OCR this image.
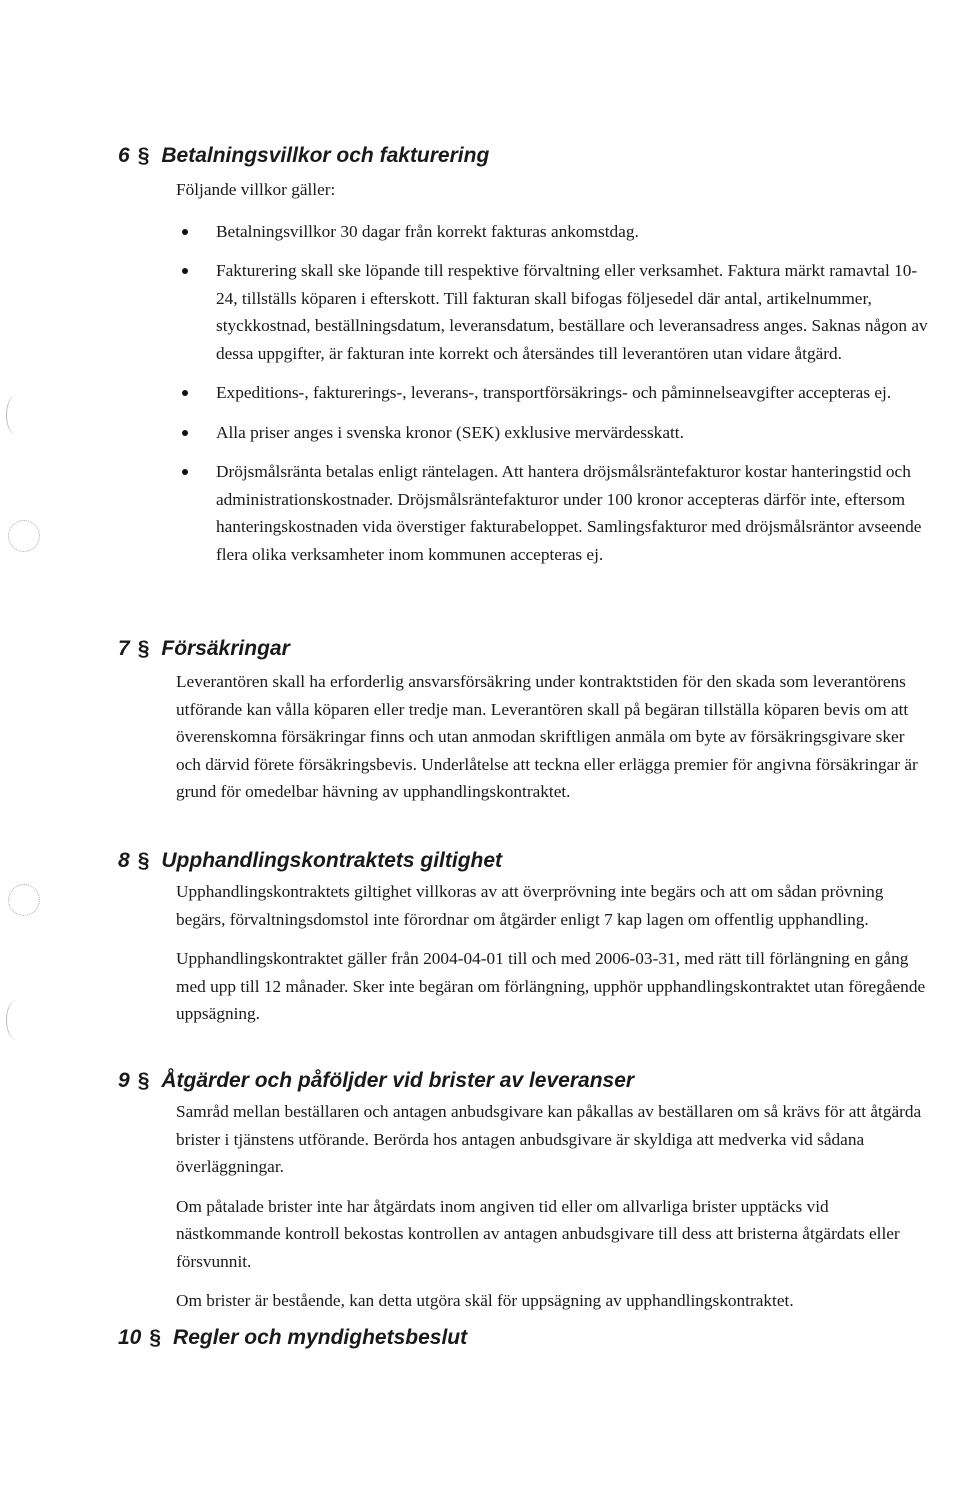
6 § Betalningsvillkor och fakturering

Följande villkor gäller:

Betalningsvillkor 30 dagar från korrekt fakturas ankomstdag.
Fakturering skall ske löpande till respektive förvaltning eller verksamhet. Faktura märkt ramavtal 10-24, tillställs köparen i efterskott. Till fakturan skall bifogas följesedel där antal, artikelnummer, styckkostnad, beställningsdatum, leveransdatum, beställare och leveransadress anges. Saknas någon av dessa uppgifter, är fakturan inte korrekt och återsändes till leverantören utan vidare åtgärd.
Expeditions-, fakturerings-, leverans-, transportförsäkrings- och påminnelseavgifter accepteras ej.
Alla priser anges i svenska kronor (SEK) exklusive mervärdesskatt.
Dröjsmålsränta betalas enligt räntelagen. Att hantera dröjsmålsräntefakturor kostar hanteringstid och administrationskostnader. Dröjsmålsräntefakturor under 100 kronor accepteras därför inte, eftersom hanteringskostnaden vida överstiger fakturabeloppet. Samlingsfakturor med dröjsmålsräntor avseende flera olika verksamheter inom kommunen accepteras ej.
7 § Försäkringar

Leverantören skall ha erforderlig ansvarsförsäkring under kontraktstiden för den skada som leverantörens utförande kan vålla köparen eller tredje man. Leverantören skall på begäran tillställa köparen bevis om att överenskomna försäkringar finns och utan anmodan skriftligen anmäla om byte av försäkringsgivare sker och därvid förete försäkringsbevis. Underlåtelse att teckna eller erlägga premier för angivna försäkringar är grund för omedelbar hävning av upphandlingskontraktet.

8 § Upphandlingskontraktets giltighet

Upphandlingskontraktets giltighet villkoras av att överprövning inte begärs och att om sådan prövning begärs, förvaltningsdomstol inte förordnar om åtgärder enligt 7 kap lagen om offentlig upphandling.

Upphandlingskontraktet gäller från 2004-04-01 till och med 2006-03-31, med rätt till förlängning en gång med upp till 12 månader. Sker inte begäran om förlängning, upphör upphandlingskontraktet utan föregående uppsägning.

9 § Åtgärder och påföljder vid brister av leveranser

Samråd mellan beställaren och antagen anbudsgivare kan påkallas av beställaren om så krävs för att åtgärda brister i tjänstens utförande. Berörda hos antagen anbudsgivare är skyldiga att medverka vid sådana överläggningar.

Om påtalade brister inte har åtgärdats inom angiven tid eller om allvarliga brister upptäcks vid nästkommande kontroll bekostas kontrollen av antagen anbudsgivare till dess att bristerna åtgärdats eller försvunnit.

Om brister är bestående, kan detta utgöra skäl för uppsägning av upphandlingskontraktet.

10 § Regler och myndighetsbeslut
